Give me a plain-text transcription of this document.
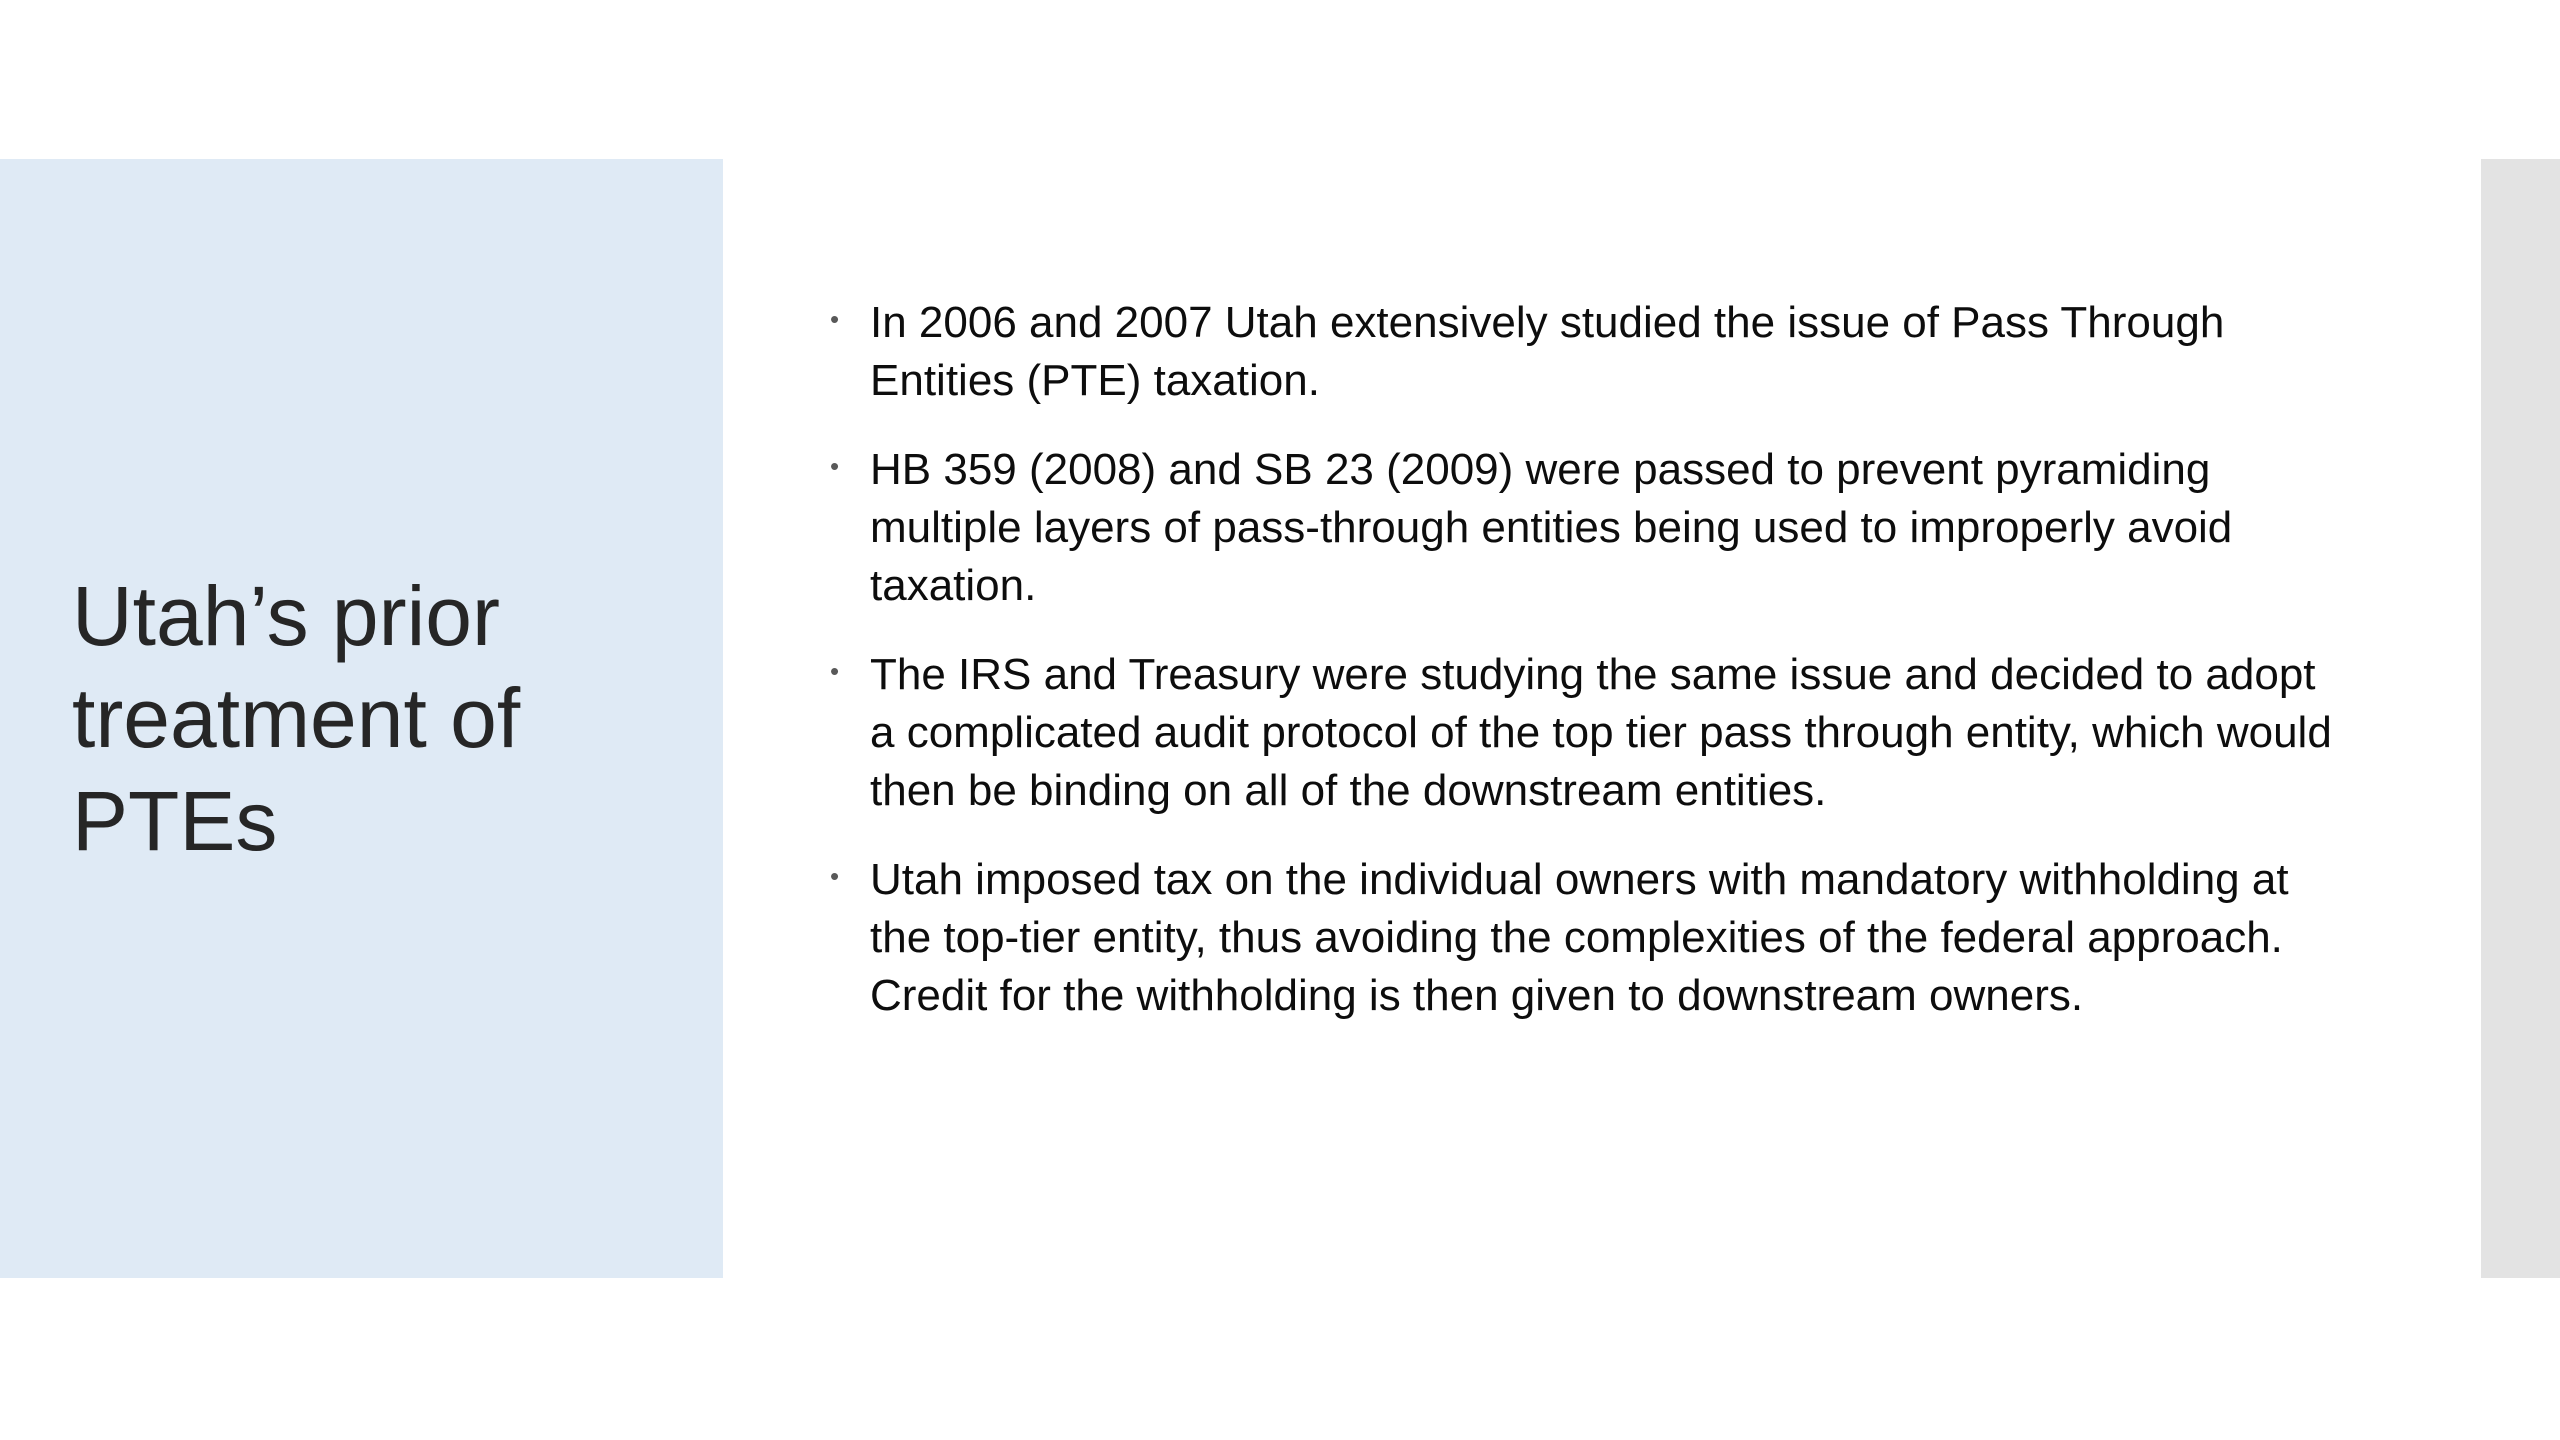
Utah’s prior
treatment of
PTEs
• In 2006 and 2007 Utah extensively studied the issue of Pass Through Entities (PTE) taxation.
• HB 359 (2008) and SB 23 (2009) were passed to prevent pyramiding multiple layers of pass-through entities being used to improperly avoid taxation.
• The IRS and Treasury were studying the same issue and decided to adopt a complicated audit protocol of the top tier pass through entity, which would then be binding on all of the downstream entities.
• Utah imposed tax on the individual owners with mandatory withholding at the top-tier entity, thus avoiding the complexities of the federal approach. Credit for the withholding is then given to downstream owners.
